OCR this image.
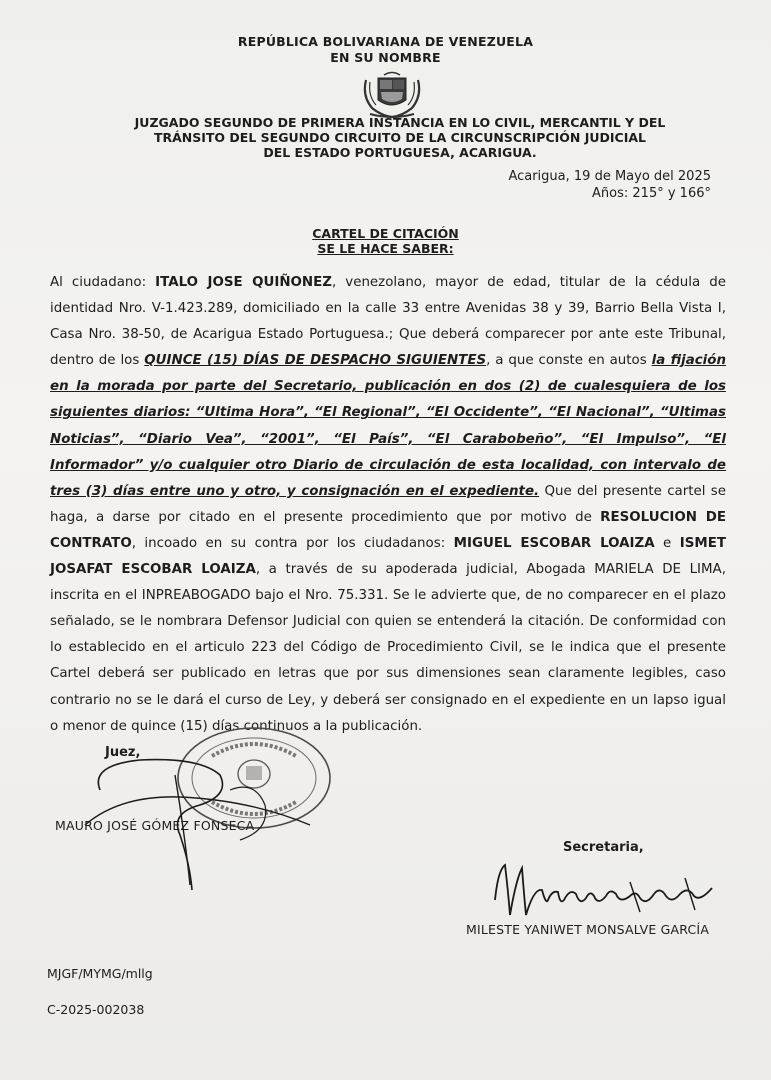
REPÚBLICA BOLIVARIANA DE VENEZUELA
EN SU NOMBRE
JUZGADO SEGUNDO DE PRIMERA INSTANCIA EN LO CIVIL, MERCANTIL Y DEL
TRÁNSITO DEL SEGUNDO CIRCUITO DE LA CIRCUNSCRIPCIÓN JUDICIAL
DEL ESTADO PORTUGUESA, ACARIGUA.
Acarigua, 19 de Mayo del 2025
Años: 215° y 166°
CARTEL DE CITACIÓN
SE LE HACE SABER:
Al ciudadano: ITALO JOSE QUIÑONEZ, venezolano, mayor de edad, titular de la cédula de identidad Nro. V-1.423.289, domiciliado en la calle 33 entre Avenidas 38 y 39, Barrio Bella Vista I, Casa Nro. 38-50, de Acarigua Estado Portuguesa.; Que deberá comparecer por ante este Tribunal, dentro de los QUINCE (15) DÍAS DE DESPACHO SIGUIENTES, a que conste en autos la fijación en la morada por parte del Secretario, publicación en dos (2) de cualesquiera de los siguientes diarios: “Ultima Hora”, “El Regional”, “El Occidente”, “El Nacional”, “Ultimas Noticias”, “Diario Vea”, “2001”, “El País”, “El Carabobeño”, “El Impulso”, “El Informador” y/o cualquier otro Diario de circulación de esta localidad, con intervalo de tres (3) días entre uno y otro, y consignación en el expediente. Que del presente cartel se haga, a darse por citado en el presente procedimiento que por motivo de RESOLUCION DE CONTRATO, incoado en su contra por los ciudadanos: MIGUEL ESCOBAR LOAIZA e ISMET JOSAFAT ESCOBAR LOAIZA, a través de su apoderada judicial, Abogada MARIELA DE LIMA, inscrita en el INPREABOGADO bajo el Nro. 75.331. Se le advierte que, de no comparecer en el plazo señalado, se le nombrara Defensor Judicial con quien se entenderá la citación. De conformidad con lo establecido en el articulo 223 del Código de Procedimiento Civil, se le indica que el presente Cartel deberá ser publicado en letras que por sus dimensiones sean claramente legibles, caso contrario no se le dará el curso de Ley, y deberá ser consignado en el expediente en un lapso igual o menor de quince (15) días continuos a la publicación.
Juez,
MAURO JOSÉ GÓMEZ FONSECA
Secretaria,
MILESTE YANIWET MONSALVE GARCÍA
MJGF/MYMG/mllg
C-2025-002038
